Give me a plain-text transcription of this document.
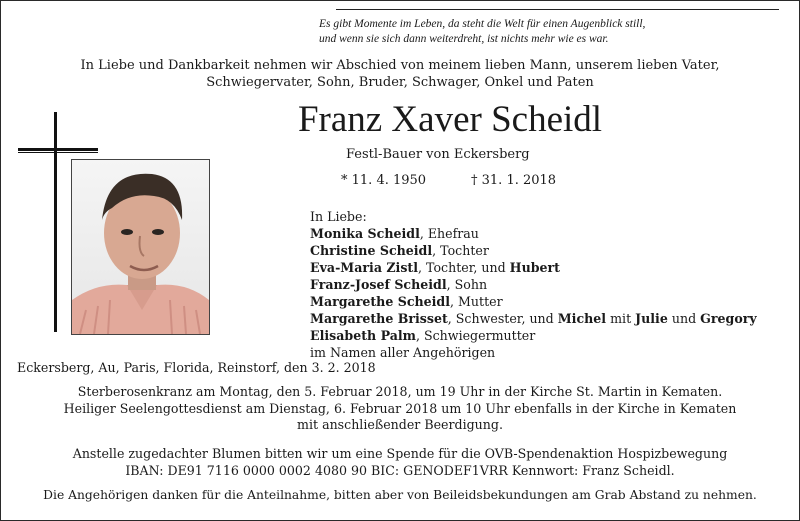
Es gibt Momente im Leben, da steht die Welt für einen Augenblick still,
und wenn sie sich dann weiterdreht, ist nichts mehr wie es war.
In Liebe und Dankbarkeit nehmen wir Abschied von meinem lieben Mann, unserem lieben Vater,
Schwiegervater, Sohn, Bruder, Schwager, Onkel und Paten
Franz Xaver Scheidl
Festl-Bauer von Eckersberg
* 11. 4. 1950	† 31. 1. 2018
In Liebe:
Monika Scheidl, Ehefrau
Christine Scheidl, Tochter
Eva-Maria Zistl, Tochter, und Hubert
Franz-Josef Scheidl, Sohn
Margarethe Scheidl, Mutter
Margarethe Brisset, Schwester, und Michel mit Julie und Gregory
Elisabeth Palm, Schwiegermutter
im Namen aller Angehörigen
Eckersberg, Au, Paris, Florida, Reinstorf, den 3. 2. 2018
Sterberosenkranz am Montag, den 5. Februar 2018, um 19 Uhr in der Kirche St. Martin in Kematen.
Heiliger Seelengottesdienst am Dienstag, 6. Februar 2018 um 10 Uhr ebenfalls in der Kirche in Kematen
mit anschließender Beerdigung.
Anstelle zugedachter Blumen bitten wir um eine Spende für die OVB-Spendenaktion Hospizbewegung
IBAN: DE91 7116 0000 0002 4080 90 BIC: GENODEF1VRR Kennwort: Franz Scheidl.
Die Angehörigen danken für die Anteilnahme, bitten aber von Beileidsbekundungen am Grab Abstand zu nehmen.
